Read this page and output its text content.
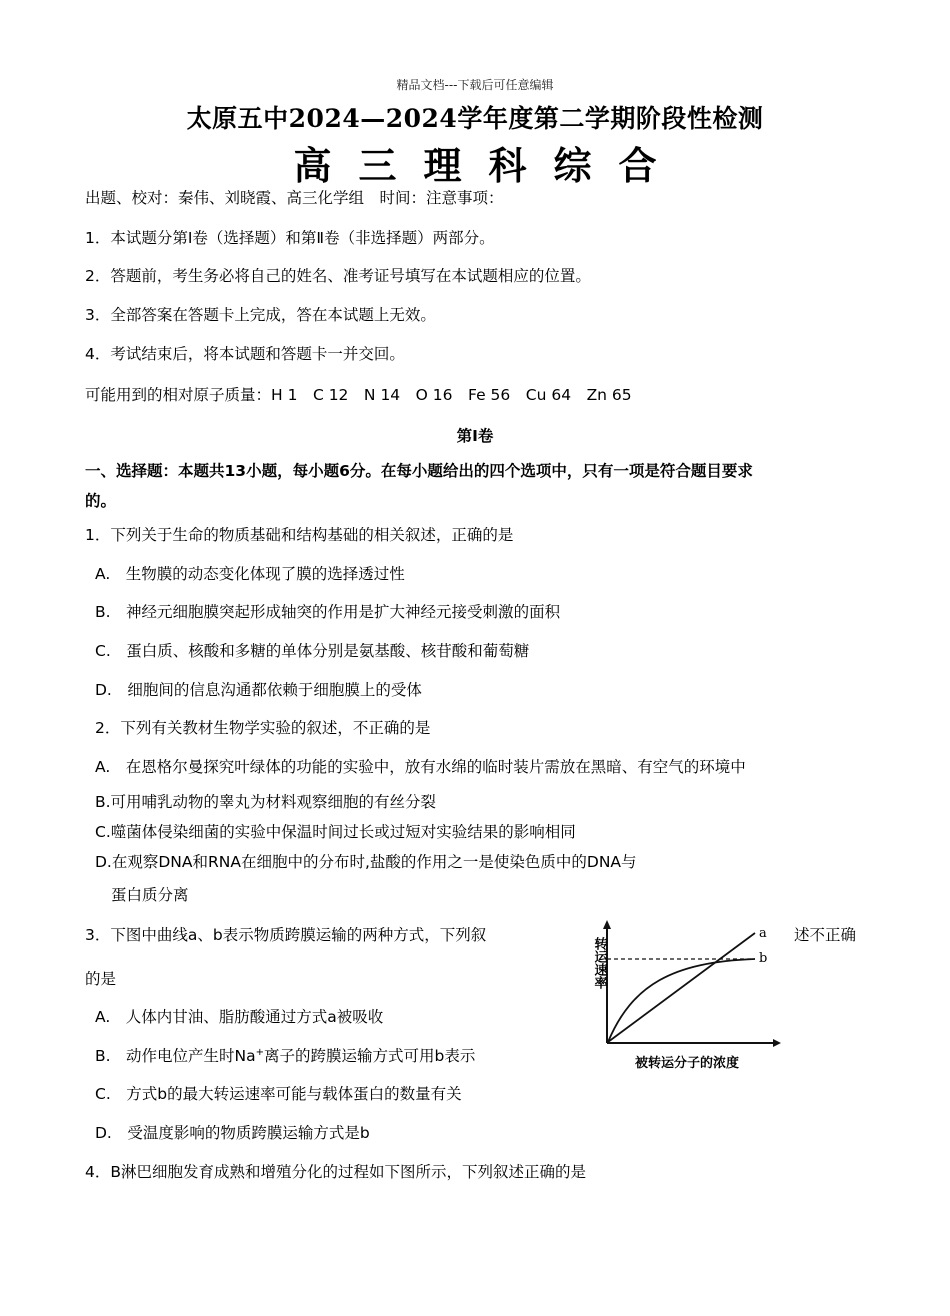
精品文档---下载后可任意编辑
太原五中2024—2024学年度第二学期阶段性检测
高三理科综合
出题、校对：秦伟、刘晓霞、高三化学组　时间：注意事项：
1．本试题分第Ⅰ卷（选择题）和第Ⅱ卷（非选择题）两部分。
2．答题前，考生务必将自己的姓名、准考证号填写在本试题相应的位置。
3．全部答案在答题卡上完成，答在本试题上无效。
4．考试结束后，将本试题和答题卡一并交回。
可能用到的相对原子质量：H 1　C 12　N 14　O 16　Fe 56　Cu 64　Zn 65
第Ⅰ卷
一、选择题：本题共13小题，每小题6分。在每小题给出的四个选项中，只有一项是符合题目要求
的。
1．下列关于生命的物质基础和结构基础的相关叙述，正确的是
A.　生物膜的动态变化体现了膜的选择透过性
B.　神经元细胞膜突起形成轴突的作用是扩大神经元接受刺激的面积
C.　蛋白质、核酸和多糖的单体分别是氨基酸、核苷酸和葡萄糖
D.　细胞间的信息沟通都依赖于细胞膜上的受体
2．下列有关教材生物学实验的叙述，不正确的是
A.　在恩格尔曼探究叶绿体的功能的实验中，放有水绵的临时装片需放在黑暗、有空气的环境中
B.可用哺乳动物的睾丸为材料观察细胞的有丝分裂
C.噬菌体侵染细菌的实验中保温时间过长或过短对实验结果的影响相同
D.在观察DNA和RNA在细胞中的分布时,盐酸的作用之一是使染色质中的DNA与
蛋白质分离
3．下图中曲线a、b表示物质跨膜运输的两种方式，下列叙	述不正确
的是
A.　人体内甘油、脂肪酸通过方式a被吸收
B.　动作电位产生时Na+离子的跨膜运输方式可用b表示
C.　方式b的最大转运速率可能与载体蛋白的数量有关
D.　受温度影响的物质跨膜运输方式是b
a
b
转运速率
被转运分子的浓度
4．B淋巴细胞发育成熟和增殖分化的过程如下图所示，下列叙述正确的是
